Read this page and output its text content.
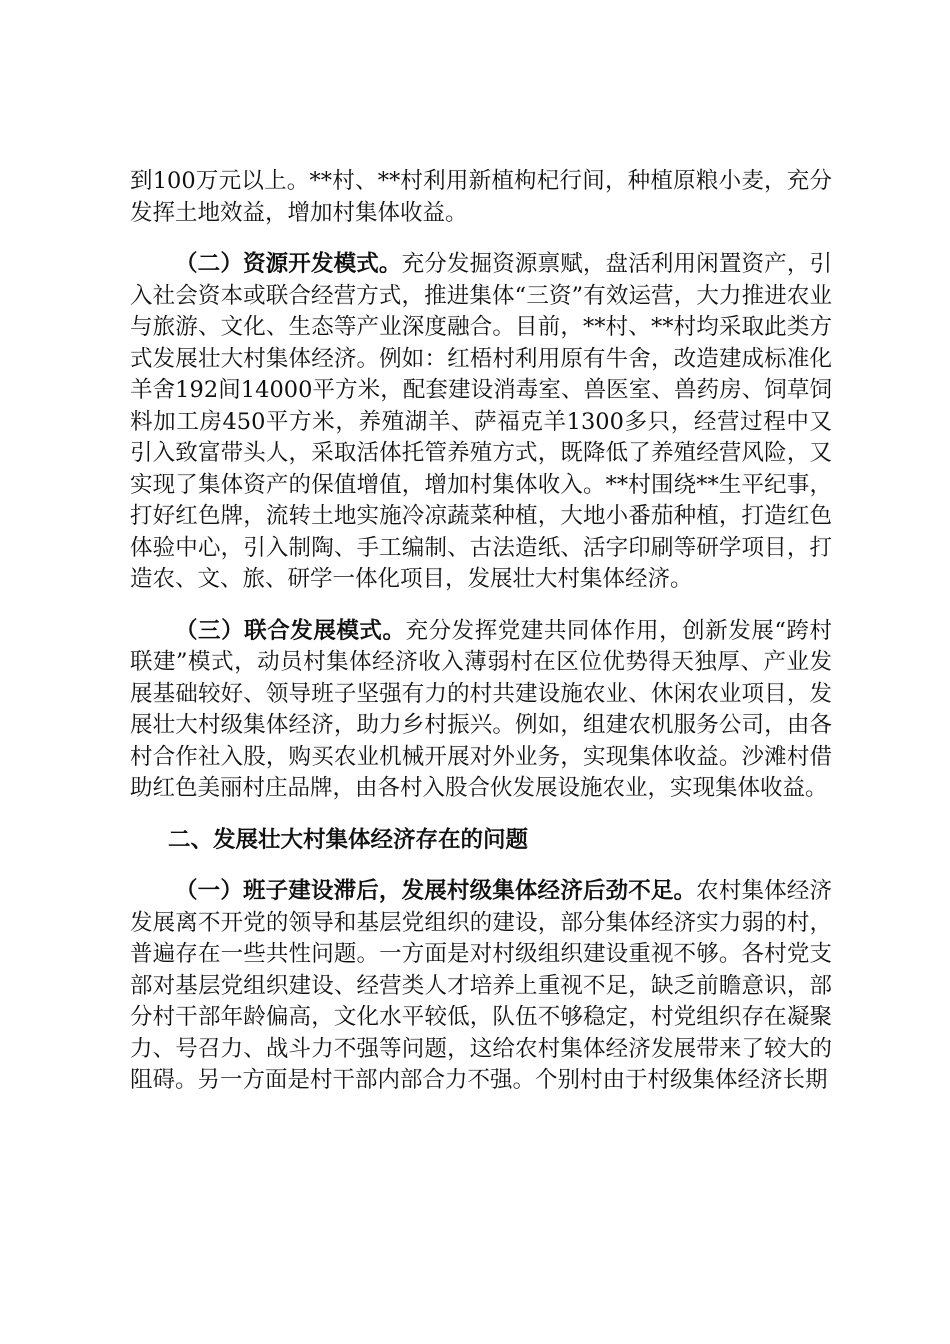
到100万元以上。**村、**村利用新植枸杞行间，种植原粮小麦，充分发挥土地效益，增加村集体收益。

（二）资源开发模式。充分发掘资源禀赋，盘活利用闲置资产，引入社会资本或联合经营方式，推进集体“三资”有效运营，大力推进农业与旅游、文化、生态等产业深度融合。目前，**村、**村均采取此类方式发展壮大村集体经济。例如：红梧村利用原有牛舍，改造建成标准化羊舍192间14000平方米，配套建设消毒室、兽医室、兽药房、饲草饲料加工房450平方米，养殖湖羊、萨福克羊1300多只，经营过程中又引入致富带头人，采取活体托管养殖方式，既降低了养殖经营风险，又实现了集体资产的保值增值，增加村集体收入。**村围绕**生平纪事，打好红色牌，流转土地实施冷凉蔬菜种植，大地小番茄种植，打造红色体验中心，引入制陶、手工编制、古法造纸、活字印刷等研学项目，打造农、文、旅、研学一体化项目，发展壮大村集体经济。

（三）联合发展模式。充分发挥党建共同体作用，创新发展“跨村联建”模式，动员村集体经济收入薄弱村在区位优势得天独厚、产业发展基础较好、领导班子坚强有力的村共建设施农业、休闲农业项目，发展壮大村级集体经济，助力乡村振兴。例如，组建农机服务公司，由各村合作社入股，购买农业机械开展对外业务，实现集体收益。沙滩村借助红色美丽村庄品牌，由各村入股合伙发展设施农业，实现集体收益。

二、发展壮大村集体经济存在的问题

（一）班子建设滞后，发展村级集体经济后劲不足。农村集体经济发展离不开党的领导和基层党组织的建设，部分集体经济实力弱的村，普遍存在一些共性问题。一方面是对村级组织建设重视不够。各村党支部对基层党组织建设、经营类人才培养上重视不足，缺乏前瞻意识，部分村干部年龄偏高，文化水平较低，队伍不够稳定，村党组织存在凝聚力、号召力、战斗力不强等问题，这给农村集体经济发展带来了较大的阻碍。另一方面是村干部内部合力不强。个别村由于村级集体经济长期
